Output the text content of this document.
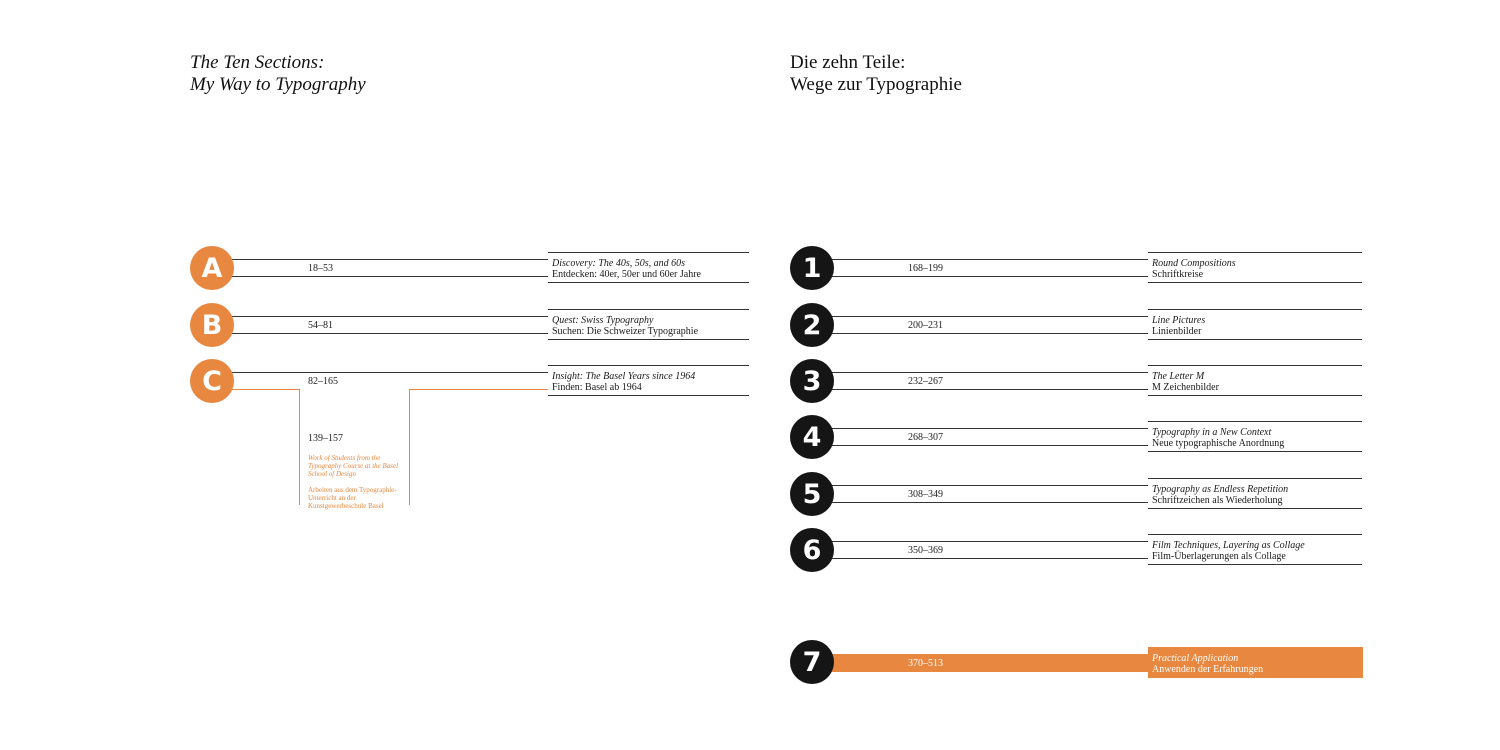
The Ten Sections:
My Way to Typography
Die zehn Teile:
Wege zur Typographie
A	18–53	Discovery: The 40s, 50s, and 60s
Entdecken: 40er, 50er und 60er Jahre
B	54–81	Quest: Swiss Typography
Suchen: Die Schweizer Typographie
C	82–165	Insight: The Basel Years since 1964
Finden: Basel ab 1964
139–157
Work of Students from the Typography Course at the Basel School of Design
Arbeiten aus dem Typographie-Unterricht an der Kunstgewerbeschule Basel
1	168–199	Round Compositions
Schriftkreise
2	200–231	Line Pictures
Linienbilder
3	232–267	The Letter M
M Zeichenbilder
4	268–307	Typography in a New Context
Neue typographische Anordnung
5	308–349	Typography as Endless Repetition
Schriftzeichen als Wiederholung
6	350–369	Film Techniques, Layering as Collage
Film-Überlagerungen als Collage
7	370–513	Practical Application
Anwenden der Erfahrungen
